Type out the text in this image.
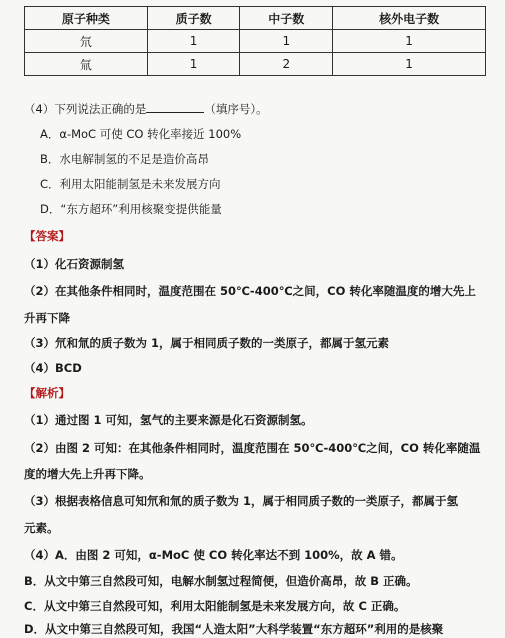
原子种类	质子数	中子数	核外电子数
氘	1	1	1
氚	1	2	1
（4）下列说法正确的是	（填序号）。
A．α-MoC 可使 CO 转化率接近 100%
B．水电解制氢的不足是造价高昂
C．利用太阳能制氢是未来发展方向
D．“东方超环”利用核聚变提供能量
【答案】
（1）化石资源制氢
（2）在其他条件相同时，温度范围在 50℃-400℃之间，CO 转化率随温度的增大先上
升再下降
（3）氘和氚的质子数为 1，属于相同质子数的一类原子，都属于氢元素
（4）BCD
【解析】
（1）通过图 1 可知，氢气的主要来源是化石资源制氢。
（2）由图 2 可知：在其他条件相同时，温度范围在 50℃-400℃之间，CO 转化率随温
度的增大先上升再下降。
（3）根据表格信息可知氘和氚的质子数为 1，属于相同质子数的一类原子，都属于氢
元素。
（4）A．由图 2 可知，α-MoC 使 CO 转化率达不到 100%，故 A 错。
B．从文中第三自然段可知，电解水制氢过程简便，但造价高昂，故 B 正确。
C．从文中第三自然段可知，利用太阳能制氢是未来发展方向，故 C 正确。
D．从文中第三自然段可知，我国“人造太阳”大科学装置“东方超环”利用的是核聚
